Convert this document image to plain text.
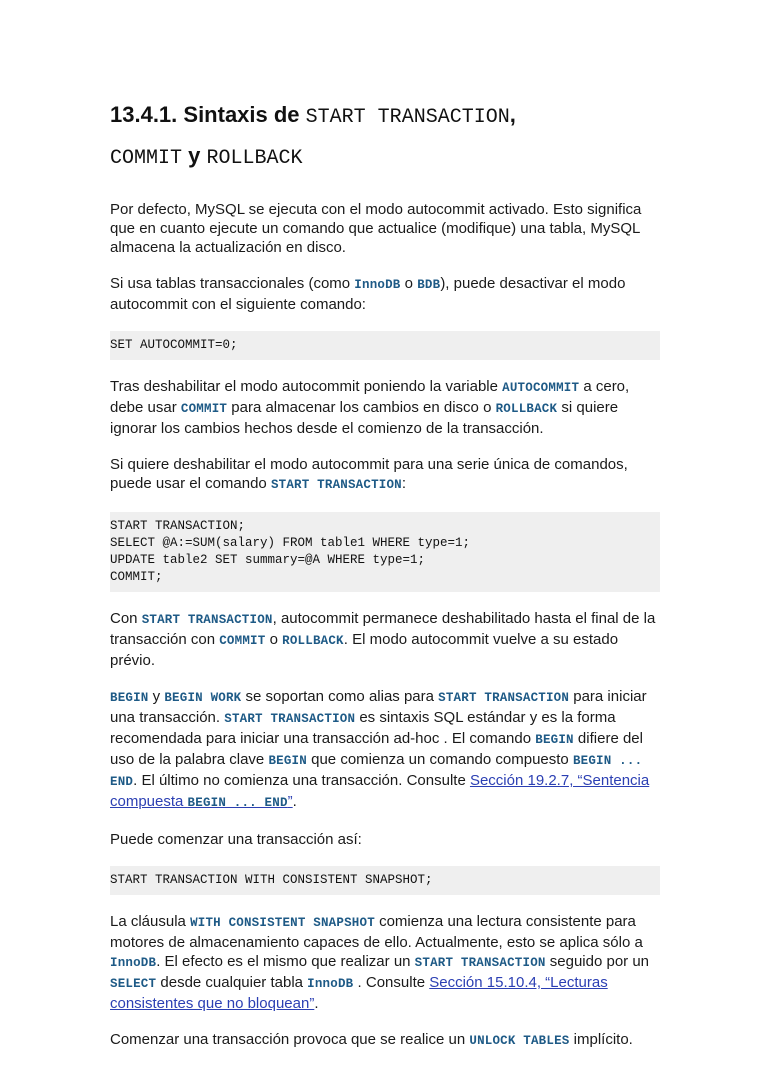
13.4.1. Sintaxis de START TRANSACTION,
COMMIT y ROLLBACK

Por defecto, MySQL se ejecuta con el modo autocommit activado. Esto significa que en cuanto ejecute un comando que actualice (modifique) una tabla, MySQL almacena la actualización en disco.

Si usa tablas transaccionales (como InnoDB o BDB), puede desactivar el modo autocommit con el siguiente comando:

SET AUTOCOMMIT=0;

Tras deshabilitar el modo autocommit poniendo la variable AUTOCOMMIT a cero, debe usar COMMIT para almacenar los cambios en disco o ROLLBACK si quiere ignorar los cambios hechos desde el comienzo de la transacción.

Si quiere deshabilitar el modo autocommit para una serie única de comandos, puede usar el comando START TRANSACTION:

START TRANSACTION;
SELECT @A:=SUM(salary) FROM table1 WHERE type=1;
UPDATE table2 SET summary=@A WHERE type=1;
COMMIT;

Con START TRANSACTION, autocommit permanece deshabilitado hasta el final de la transacción con COMMIT o ROLLBACK. El modo autocommit vuelve a su estado prévio.

BEGIN y BEGIN WORK se soportan como alias para START TRANSACTION para iniciar una transacción. START TRANSACTION es sintaxis SQL estándar y es la forma recomendada para iniciar una transacción ad-hoc . El comando BEGIN difiere del uso de la palabra clave BEGIN que comienza un comando compuesto BEGIN ... END. El último no comienza una transacción. Consulte Sección 19.2.7, “Sentencia compuesta BEGIN ... END”.

Puede comenzar una transacción así:

START TRANSACTION WITH CONSISTENT SNAPSHOT;

La cláusula WITH CONSISTENT SNAPSHOT comienza una lectura consistente para motores de almacenamiento capaces de ello. Actualmente, esto se aplica sólo a InnoDB. El efecto es el mismo que realizar un START TRANSACTION seguido por un SELECT desde cualquier tabla InnoDB . Consulte Sección 15.10.4, “Lecturas consistentes que no bloquean”.

Comenzar una transacción provoca que se realice un UNLOCK TABLES implícito.
